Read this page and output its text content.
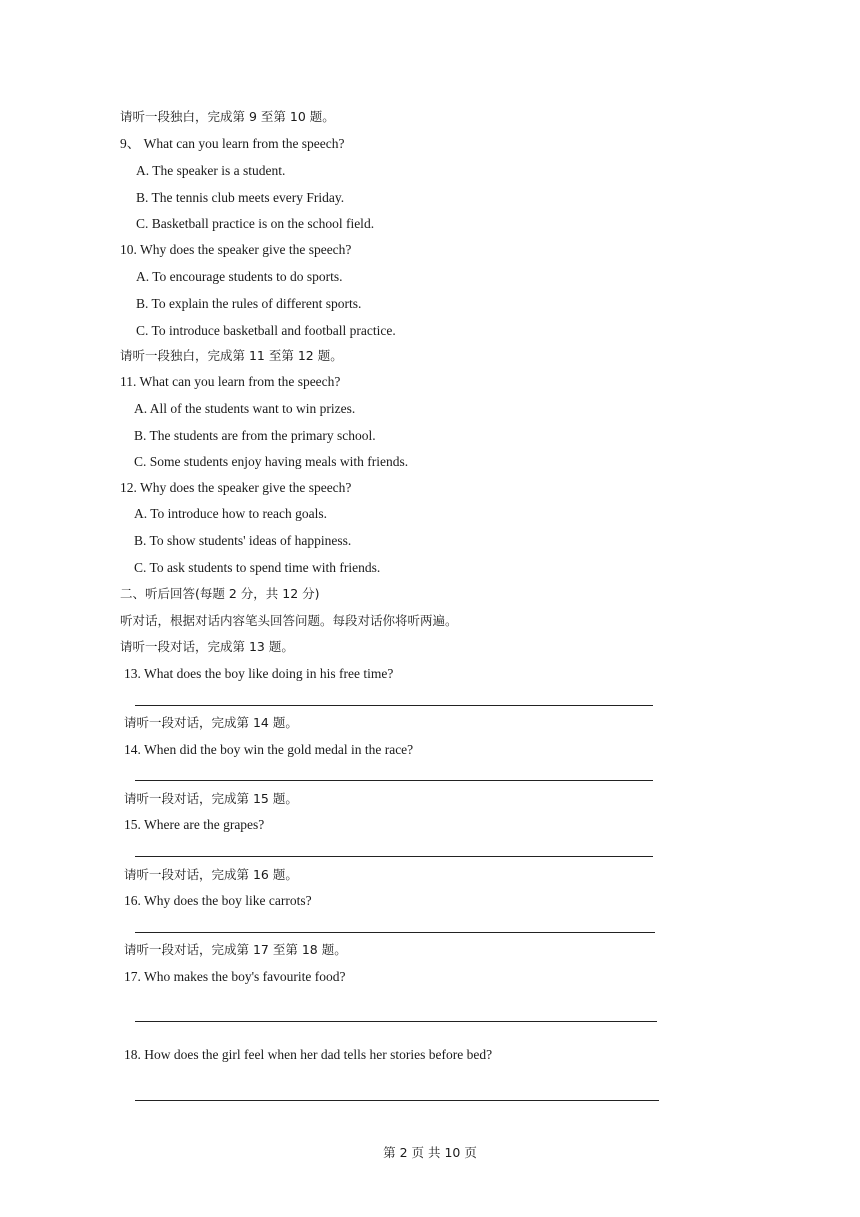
请听一段独白，完成第 9 至第 10 题。
9、 What can you learn from the speech?
A. The speaker is a student.
B. The tennis club meets every Friday.
C. Basketball practice is on the school field.
10. Why does the speaker give the speech?
A. To encourage students to do sports.
B. To explain the rules of different sports.
C. To introduce basketball and football practice.
请听一段独白，完成第 11 至第 12 题。
11. What can you learn from the speech?
A. All of the students want to win prizes.
B. The students are from the primary school.
C. Some students enjoy having meals with friends.
12. Why does the speaker give the speech?
A. To introduce how to reach goals.
B. To show students' ideas of happiness.
C. To ask students to spend time with friends.
二、听后回答(每题 2 分，共 12 分)
听对话，根据对话内容笔头回答问题。每段对话你将听两遍。
请听一段对话，完成第 13 题。
13. What does the boy like doing in his free time?
请听一段对话，完成第 14 题。
14. When did the boy win the gold medal in the race?
请听一段对话，完成第 15 题。
15. Where are the grapes?
请听一段对话，完成第 16 题。
16. Why does the boy like carrots?
请听一段对话，完成第 17 至第 18 题。
17. Who makes the boy's favourite food?
18. How does the girl feel when her dad tells her stories before bed?
第 2 页 共 10 页
